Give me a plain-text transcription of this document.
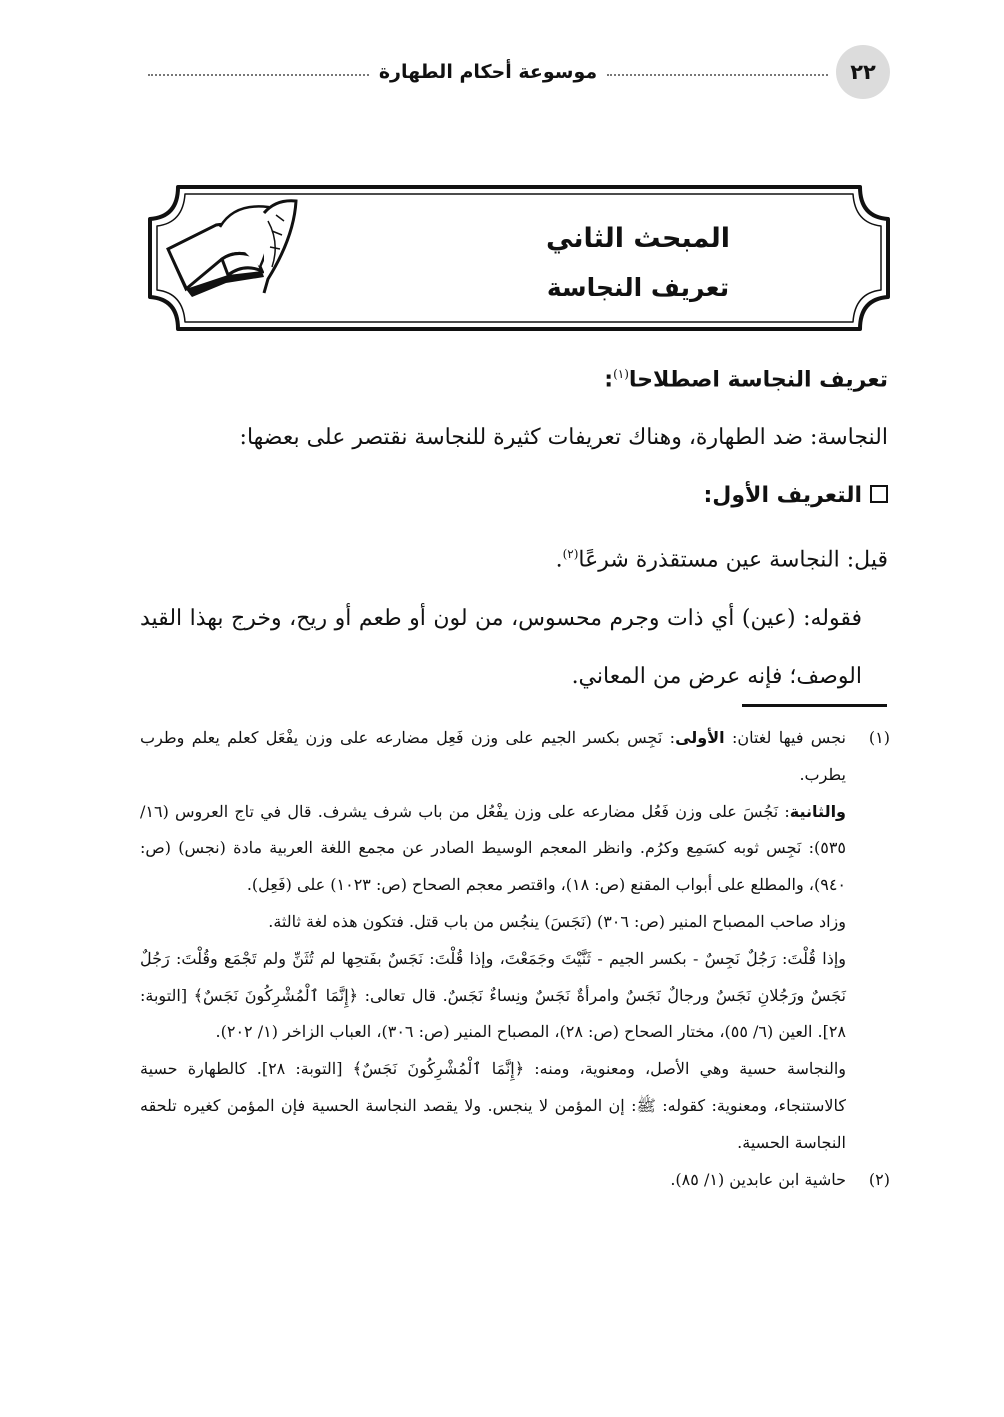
٢٢
موسوعة أحكام الطهارة
المبحث الثاني
تعريف النجاسة

تعريف النجاسة اصطلاحا$^{(١)}$:

النجاسة: ضد الطهارة، وهناك تعريفات كثيرة للنجاسة نقتصر على بعضها:

التعريف الأول:

قيل: النجاسة عين مستقذرة شرعًا$^{(٢)}$.

فقوله: (عين) أي ذات وجرم محسوس، من لون أو طعم أو ريح، وخرج بهذا القيد الوصف؛ فإنه عرض من المعاني.

(١)

نجس فيها لغتان: الأولى: نَجِس بكسر الجيم على وزن فَعِل مضارعه على وزن يفْعَل كعلم يعلم وطرب يطرب.

والثانية: نَجُسَ على وزن فَعُل مضارعه على وزن يفْعُل من باب شرف يشرف. قال في تاج العروس (١٦/ ٥٣٥): نَجِس ثوبه كسَمِع وكرُم. وانظر المعجم الوسيط الصادر عن مجمع اللغة العربية مادة (نجس) (ص: ٩٤٠)، والمطلع على أبواب المقنع (ص: ١٨)، واقتصر معجم الصحاح (ص: ١٠٢٣) على (فَعِل).

وزاد صاحب المصباح المنير (ص: ٣٠٦) (نَجَسَ) ينجُس من باب قتل. فتكون هذه لغة ثالثة.

وإذا قُلْتَ: رَجُلٌ نَجِسٌ - بكسر الجيم - ثَنَّيْتَ وجَمَعْتَ، وإذا قُلْتَ: نَجَسٌ بفَتحِها لم تُثَنِّ ولم تَجْمَع وقُلْتَ: رَجُلٌ نَجَسٌ ورَجُلانِ نَجَسٌ ورجالٌ نَجَسٌ وامرأةٌ نَجَسٌ ونِساءٌ نَجَسٌ. قال تعالى: ﴿إِنَّمَا ٱلْمُشْرِكُونَ نَجَسٌ﴾ [التوبة: ٢٨]. العين (٦/ ٥٥)، مختار الصحاح (ص: ٢٨)، المصباح المنير (ص: ٣٠٦)، العباب الزاخر (١/ ٢٠٢).

والنجاسة حسية وهي الأصل، ومعنوية، ومنه: ﴿إِنَّمَا ٱلْمُشْرِكُونَ نَجَسٌ﴾ [التوبة: ٢٨]. كالطهارة حسية كالاستنجاء، ومعنوية: كقوله: ﷺ: إن المؤمن لا ينجس. ولا يقصد النجاسة الحسية فإن المؤمن كغيره تلحقه النجاسة الحسية.

(٢)

حاشية ابن عابدين (١/ ٨٥).
